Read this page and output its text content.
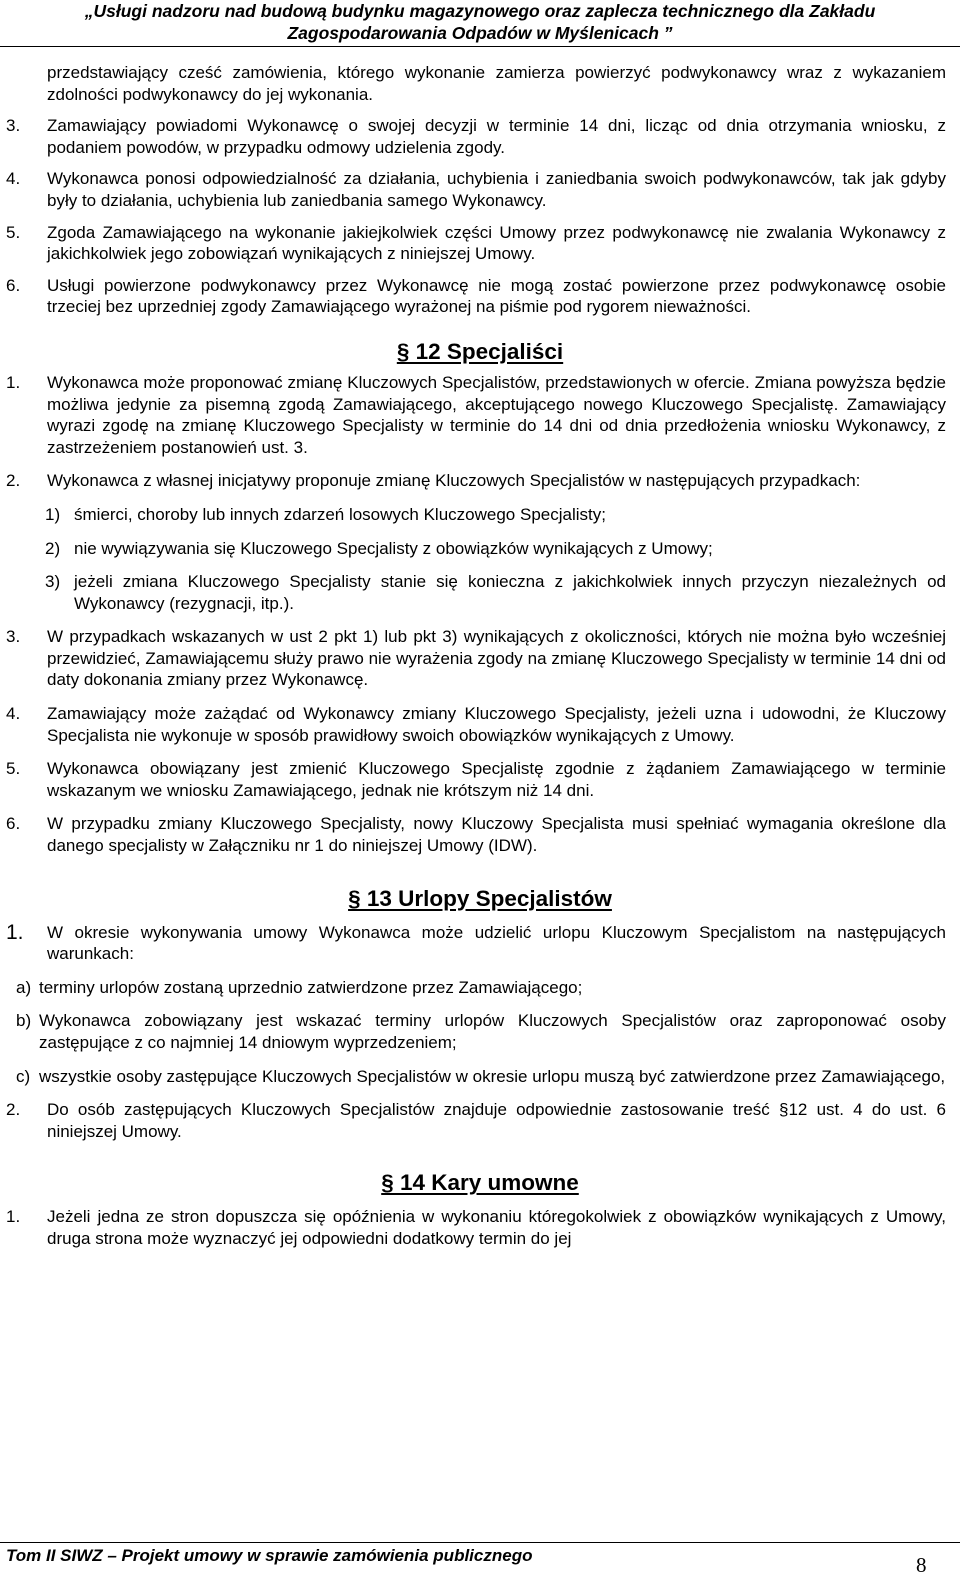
„Usługi nadzoru nad budową budynku magazynowego oraz zaplecza technicznego dla Zakładu
Zagospodarowania Odpadów w Myślenicach ”
przedstawiający cześć zamówienia, którego wykonanie zamierza powierzyć podwykonawcy wraz z wykazaniem zdolności podwykonawcy do jej wykonania.
3. Zamawiający powiadomi Wykonawcę o swojej decyzji w terminie 14 dni, licząc od dnia otrzymania wniosku, z podaniem powodów, w przypadku odmowy udzielenia zgody.
4. Wykonawca ponosi odpowiedzialność za działania, uchybienia i zaniedbania swoich podwykonawców, tak jak gdyby były to działania, uchybienia lub zaniedbania samego Wykonawcy.
5. Zgoda Zamawiającego na wykonanie jakiejkolwiek części Umowy przez podwykonawcę nie zwalania Wykonawcy z jakichkolwiek jego zobowiązań wynikających z niniejszej Umowy.
6. Usługi powierzone podwykonawcy przez Wykonawcę nie mogą zostać powierzone przez podwykonawcę osobie trzeciej bez uprzedniej zgody Zamawiającego wyrażonej na piśmie pod rygorem nieważności.
§ 12 Specjaliści
1. Wykonawca może proponować zmianę Kluczowych Specjalistów, przedstawionych w ofercie. Zmiana powyższa będzie możliwa jedynie za pisemną zgodą Zamawiającego, akceptującego nowego Kluczowego Specjalistę. Zamawiający wyrazi zgodę na zmianę Kluczowego Specjalisty w terminie do 14 dni od dnia przedłożenia wniosku Wykonawcy, z zastrzeżeniem postanowień ust. 3.
2. Wykonawca z własnej inicjatywy proponuje zmianę Kluczowych Specjalistów w następujących przypadkach:
1) śmierci, choroby lub innych zdarzeń losowych Kluczowego Specjalisty;
2) nie wywiązywania się Kluczowego Specjalisty z obowiązków wynikających z Umowy;
3) jeżeli zmiana Kluczowego Specjalisty stanie się konieczna z jakichkolwiek innych przyczyn niezależnych od Wykonawcy (rezygnacji, itp.).
3. W przypadkach wskazanych w ust 2 pkt 1) lub pkt 3) wynikających z okoliczności, których nie można było wcześniej przewidzieć, Zamawiającemu służy prawo nie wyrażenia zgody na zmianę Kluczowego Specjalisty w terminie 14 dni od daty dokonania zmiany przez Wykonawcę.
4. Zamawiający może zażądać od Wykonawcy zmiany Kluczowego Specjalisty, jeżeli uzna i udowodni, że Kluczowy Specjalista nie wykonuje w sposób prawidłowy swoich obowiązków wynikających z Umowy.
5. Wykonawca obowiązany jest zmienić Kluczowego Specjalistę zgodnie z żądaniem Zamawiającego w terminie wskazanym we wniosku Zamawiającego, jednak nie krótszym niż 14 dni.
6. W przypadku zmiany Kluczowego Specjalisty, nowy Kluczowy Specjalista musi spełniać wymagania określone dla danego specjalisty w Załączniku nr 1 do niniejszej Umowy (IDW).
§ 13 Urlopy Specjalistów
1. W okresie wykonywania umowy Wykonawca może udzielić urlopu Kluczowym Specjalistom na następujących warunkach:
a) terminy urlopów zostaną uprzednio zatwierdzone przez Zamawiającego;
b) Wykonawca zobowiązany jest wskazać terminy urlopów Kluczowych Specjalistów oraz zaproponować osoby zastępujące z co najmniej 14 dniowym wyprzedzeniem;
c) wszystkie osoby zastępujące Kluczowych Specjalistów w okresie urlopu muszą być zatwierdzone przez Zamawiającego,
2. Do osób zastępujących Kluczowych Specjalistów znajduje odpowiednie zastosowanie treść §12 ust. 4 do ust. 6 niniejszej Umowy.
§ 14 Kary umowne
1. Jeżeli jedna ze stron dopuszcza się opóźnienia w wykonaniu któregokolwiek z obowiązków wynikających z Umowy, druga strona może wyznaczyć jej odpowiedni dodatkowy termin do jej
Tom II SIWZ – Projekt umowy w sprawie zamówienia publicznego	8
